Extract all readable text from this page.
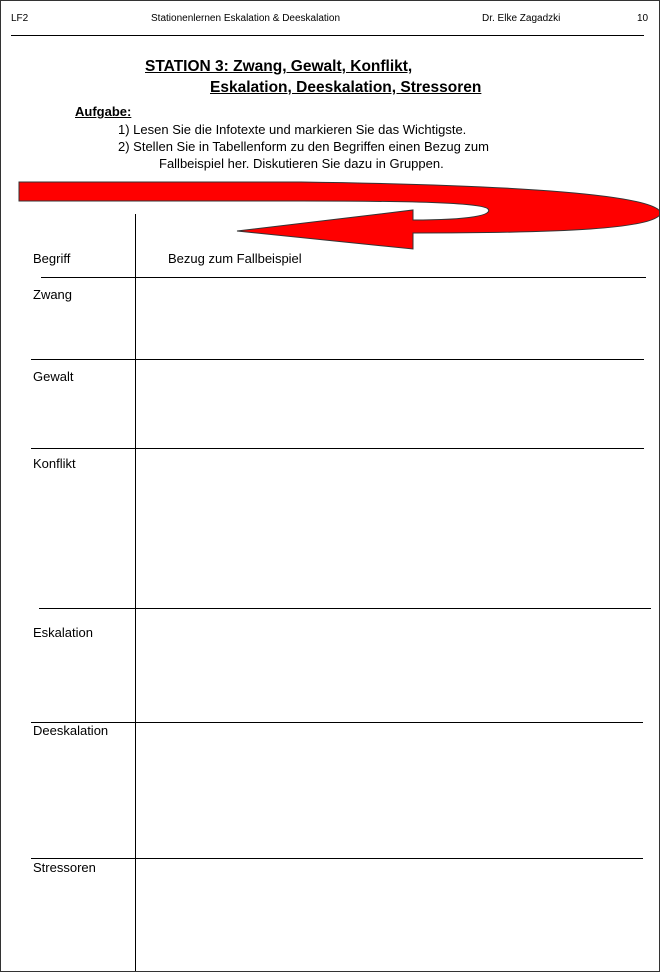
LF2	Stationenlernen Eskalation & Deeskalation	Dr. Elke Zagadzki	10
STATION 3: Zwang, Gewalt, Konflikt,
Eskalation, Deeskalation, Stressoren
Aufgabe:
1) Lesen Sie die Infotexte und markieren Sie das Wichtigste.
2) Stellen Sie in Tabellenform zu den Begriffen einen Bezug zum
Fallbeispiel her. Diskutieren Sie dazu in Gruppen.
Begriff	Bezug zum Fallbeispiel
Zwang
Gewalt
Konflikt
Eskalation
Deeskalation
Stressoren
